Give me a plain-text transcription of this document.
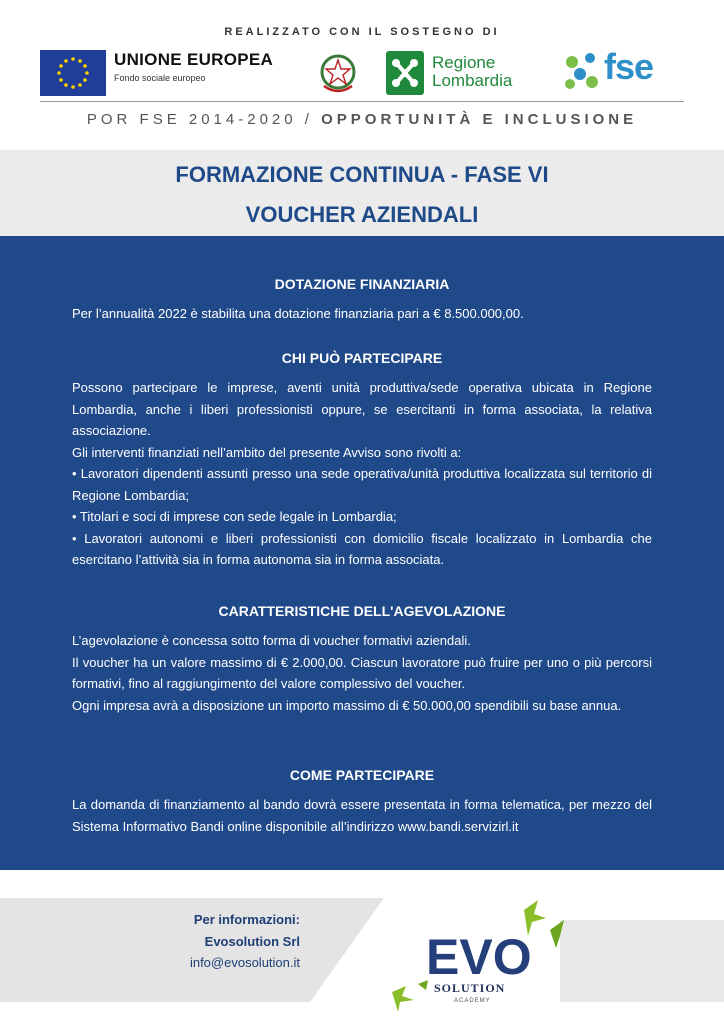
REALIZZATO CON IL SOSTEGNO DI
UNIONE EUROPEA
Fondo sociale europeo
Regione
Lombardia	fse
POR FSE 2014-2020 / OPPORTUNITÀ E INCLUSIONE
FORMAZIONE CONTINUA - FASE VI
VOUCHER AZIENDALI
DOTAZIONE FINANZIARIA

Per l’annualità 2022 è stabilita una dotazione finanziaria pari a € 8.500.000,00.

CHI PUÒ PARTECIPARE

Possono partecipare le imprese, aventi unità produttiva/sede operativa ubicata in Regione Lombardia, anche i liberi professionisti oppure, se esercitanti in forma associata, la relativa associazione.

Gli interventi finanziati nell’ambito del presente Avviso sono rivolti a:

• Lavoratori dipendenti assunti presso una sede operativa/unità produttiva localizzata sul territorio di Regione Lombardia;

• Titolari e soci di imprese con sede legale in Lombardia;

• Lavoratori autonomi e liberi professionisti con domicilio fiscale localizzato in Lombardia che esercitano l’attività sia in forma autonoma sia in forma associata.

CARATTERISTICHE DELL'AGEVOLAZIONE

L’agevolazione è concessa sotto forma di voucher formativi aziendali.

Il voucher ha un valore massimo di € 2.000,00. Ciascun lavoratore può fruire per uno o più percorsi formativi, fino al raggiungimento del valore complessivo del voucher.

Ogni impresa avrà a disposizione un importo massimo di € 50.000,00 spendibili su base annua.

COME PARTECIPARE

La domanda di finanziamento al bando dovrà essere presentata in forma telematica, per mezzo del Sistema Informativo Bandi online disponibile all’indirizzo www.bandi.servizirl.it

Per informazioni:
Evosolution Srl
info@evosolution.it	EVO
SOLUTION
ACADEMY
